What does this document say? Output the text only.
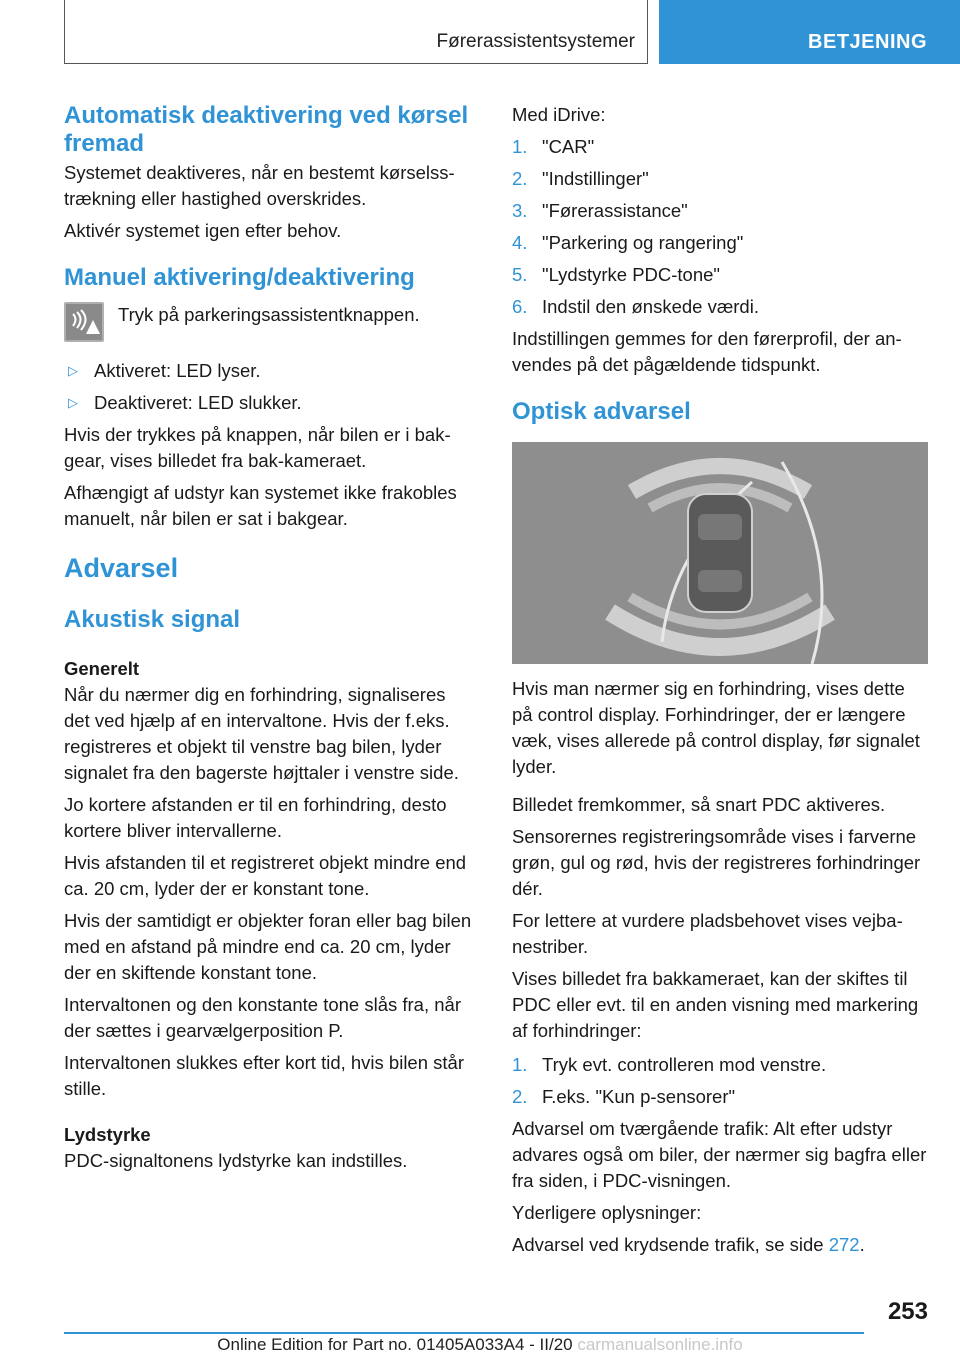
Førerassistentsystemer	BETJENING
Automatisk deaktivering ved kørsel fremad

Systemet deaktiveres, når en bestemt kørselsstrækning eller hastighed overskrides.

Aktivér systemet igen efter behov.

Manuel aktivering/deaktivering

Tryk på parkeringsassistentknappen.

▷ Aktiveret: LED lyser.

▷ Deaktiveret: LED slukker.

Hvis der trykkes på knappen, når bilen er i bakgear, vises billedet fra bak-kameraet.

Afhængigt af udstyr kan systemet ikke frakobles manuelt, når bilen er sat i bakgear.

Advarsel
Akustisk signal
Generelt

Når du nærmer dig en forhindring, signaliseres det ved hjælp af en intervaltone. Hvis der f.eks. registreres et objekt til venstre bag bilen, lyder signalet fra den bagerste højttaler i venstre side.

Jo kortere afstanden er til en forhindring, desto kortere bliver intervallerne.

Hvis afstanden til et registreret objekt mindre end ca. 20 cm, lyder der er konstant tone.

Hvis der samtidigt er objekter foran eller bag bilen med en afstand på mindre end ca. 20 cm, lyder der en skiftende konstant tone.

Intervaltonen og den konstante tone slås fra, når der sættes i gearvælgerposition P.

Intervaltonen slukkes efter kort tid, hvis bilen står stille.

Lydstyrke

PDC-signaltonens lydstyrke kan indstilles.

Med iDrive:

1. "CAR"

2. "Indstillinger"

3. "Førerassistance"

4. "Parkering og rangering"

5. "Lydstyrke PDC-tone"

6. Indstil den ønskede værdi.

Indstillingen gemmes for den førerprofil, der anvendes på det pågældende tidspunkt.

Optisk advarsel

Hvis man nærmer sig en forhindring, vises dette på control display. Forhindringer, der er længere væk, vises allerede på control display, før signalet lyder.

Billedet fremkommer, så snart PDC aktiveres.

Sensorernes registreringsområde vises i farverne grøn, gul og rød, hvis der registreres forhindringer dér.

For lettere at vurdere pladsbehovet vises vejbanestriber.

Vises billedet fra bakkameraet, kan der skiftes til PDC eller evt. til en anden visning med markering af forhindringer:

1. Tryk evt. controlleren mod venstre.

2. F.eks. "Kun p-sensorer"

Advarsel om tværgående trafik: Alt efter udstyr advares også om biler, der nærmer sig bagfra eller fra siden, i PDC-visningen.

Yderligere oplysninger:

Advarsel ved krydsende trafik, se side 272.

253
Online Edition for Part no. 01405A033A4 - II/20 carmanualsonline.info
